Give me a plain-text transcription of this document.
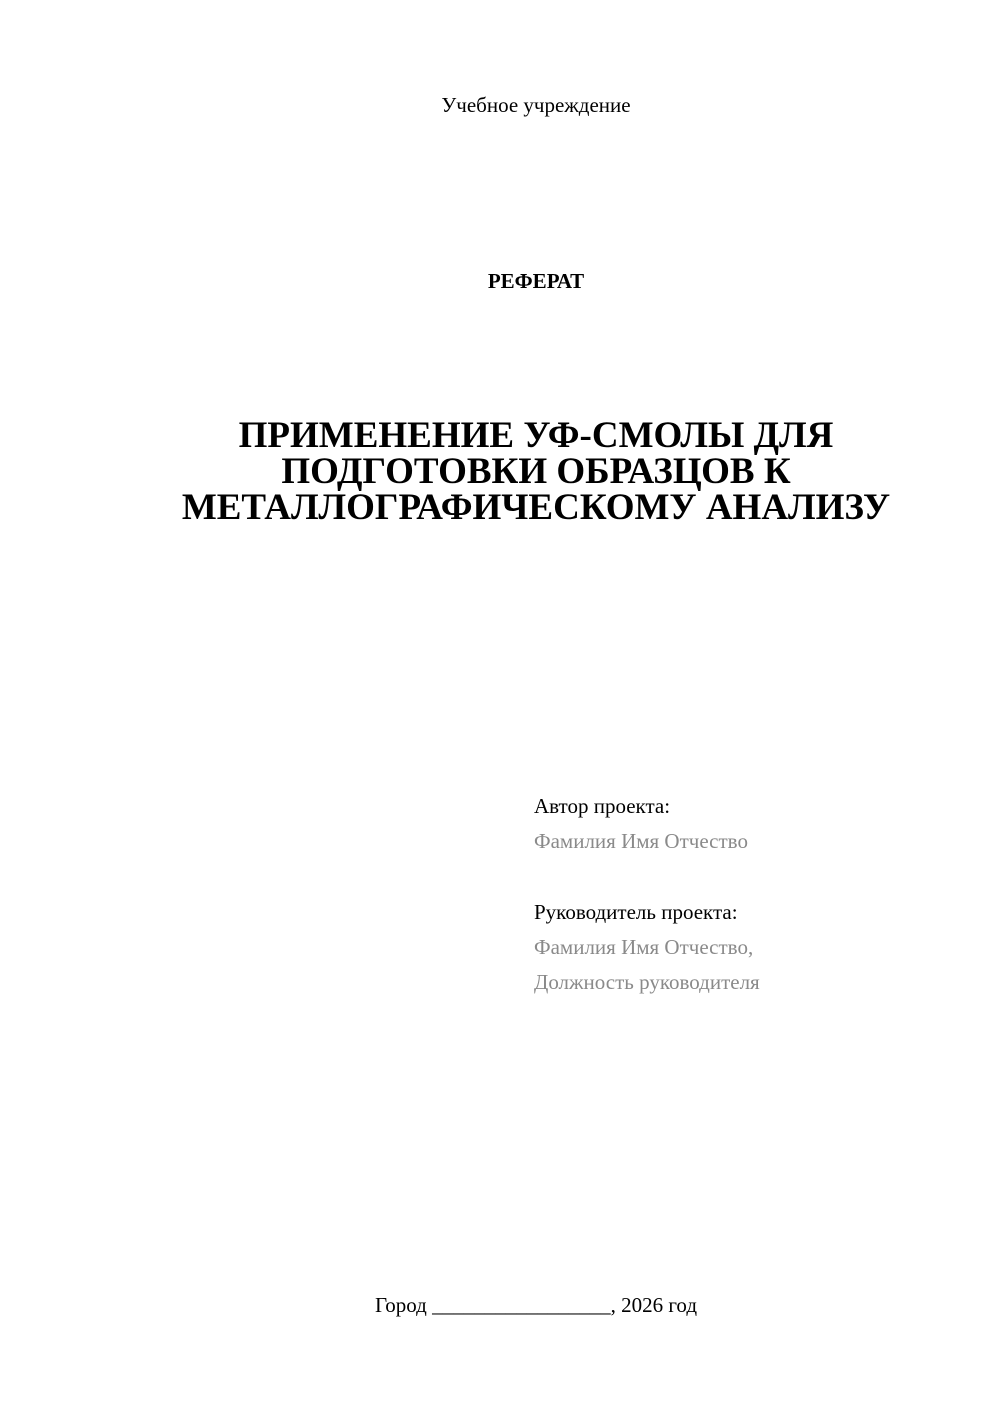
Учебное учреждение
РЕФЕРАТ
ПРИМЕНЕНИЕ УФ-СМОЛЫ ДЛЯ
ПОДГОТОВКИ ОБРАЗЦОВ К
МЕТАЛЛОГРАФИЧЕСКОМУ АНАЛИЗУ
Автор проекта:
Фамилия Имя Отчество
Руководитель проекта:
Фамилия Имя Отчество,
Должность руководителя
Город _________________, 2026 год
